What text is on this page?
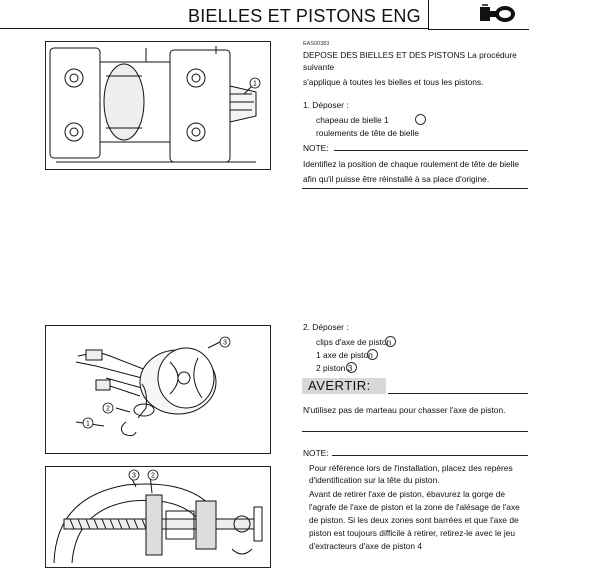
BIELLES ET PISTONS ENG
1
EAS00383
DEPOSE DES BIELLES ET DES PISTONS La procédure
suivante
s'applique à toutes les bielles et tous les pistons.
1. Déposer :
chapeau de bielle 1
roulements de tête de bielle
NOTE:
Identifiez la position de chaque roulement de tête de bielle
afin qu'il puisse être réinstallé à sa place d'origine.
3
2
1
2. Déposer :
clips d'axe de piston
1 axe de piston
2 piston 3
AVERTIR:
N'utilisez pas de marteau pour chasser l'axe de piston.
NOTE:
Pour référence lors de l'installation, placez des repères
d'identification sur la tête du piston.
Avant de retirer l'axe de piston, ébavurez la gorge de
l'agrafe de l'axe de piston et la zone de l'alésage de l'axe
de piston. Si les deux zones sont barrées et que l'axe de
piston est toujours difficile à retirer, retirez-le avec le jeu
d'extracteurs d'axe de piston 4
3 2
